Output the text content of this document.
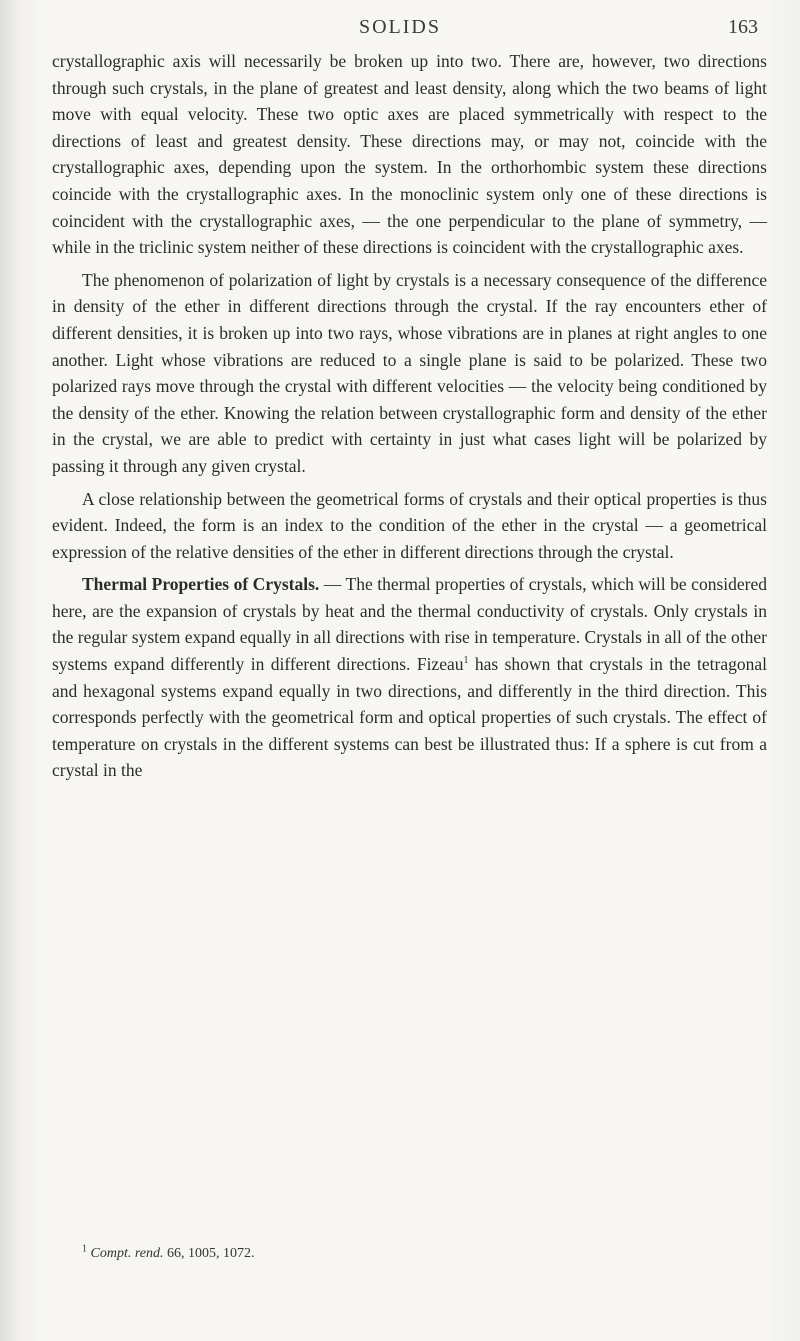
SOLIDS	163

crystallographic axis will necessarily be broken up into two. There are, however, two directions through such crystals, in the plane of greatest and least density, along which the two beams of light move with equal velocity. These two optic axes are placed symmetrically with respect to the directions of least and greatest density. These directions may, or may not, coincide with the crystallographic axes, depending upon the system. In the orthorhombic system these directions coincide with the crystallographic axes. In the monoclinic system only one of these directions is coincident with the crystallographic axes, — the one perpendicular to the plane of symmetry, — while in the triclinic system neither of these directions is coincident with the crystallographic axes.

The phenomenon of polarization of light by crystals is a necessary consequence of the difference in density of the ether in different directions through the crystal. If the ray encounters ether of different densities, it is broken up into two rays, whose vibrations are in planes at right angles to one another. Light whose vibrations are reduced to a single plane is said to be polarized. These two polarized rays move through the crystal with different velocities — the velocity being conditioned by the density of the ether. Knowing the relation between crystallographic form and density of the ether in the crystal, we are able to predict with certainty in just what cases light will be polarized by passing it through any given crystal.

A close relationship between the geometrical forms of crystals and their optical properties is thus evident. Indeed, the form is an index to the condition of the ether in the crystal — a geometrical expression of the relative densities of the ether in different directions through the crystal.

Thermal Properties of Crystals. — The thermal properties of crystals, which will be considered here, are the expansion of crystals by heat and the thermal conductivity of crystals. Only crystals in the regular system expand equally in all directions with rise in temperature. Crystals in all of the other systems expand differently in different directions. Fizeau$^1$ has shown that crystals in the tetragonal and hexagonal systems expand equally in two directions, and differently in the third direction. This corresponds perfectly with the geometrical form and optical properties of such crystals. The effect of temperature on crystals in the different systems can best be illustrated thus: If a sphere is cut from a crystal in the

$^1$ Compt. rend. 66, 1005, 1072.
